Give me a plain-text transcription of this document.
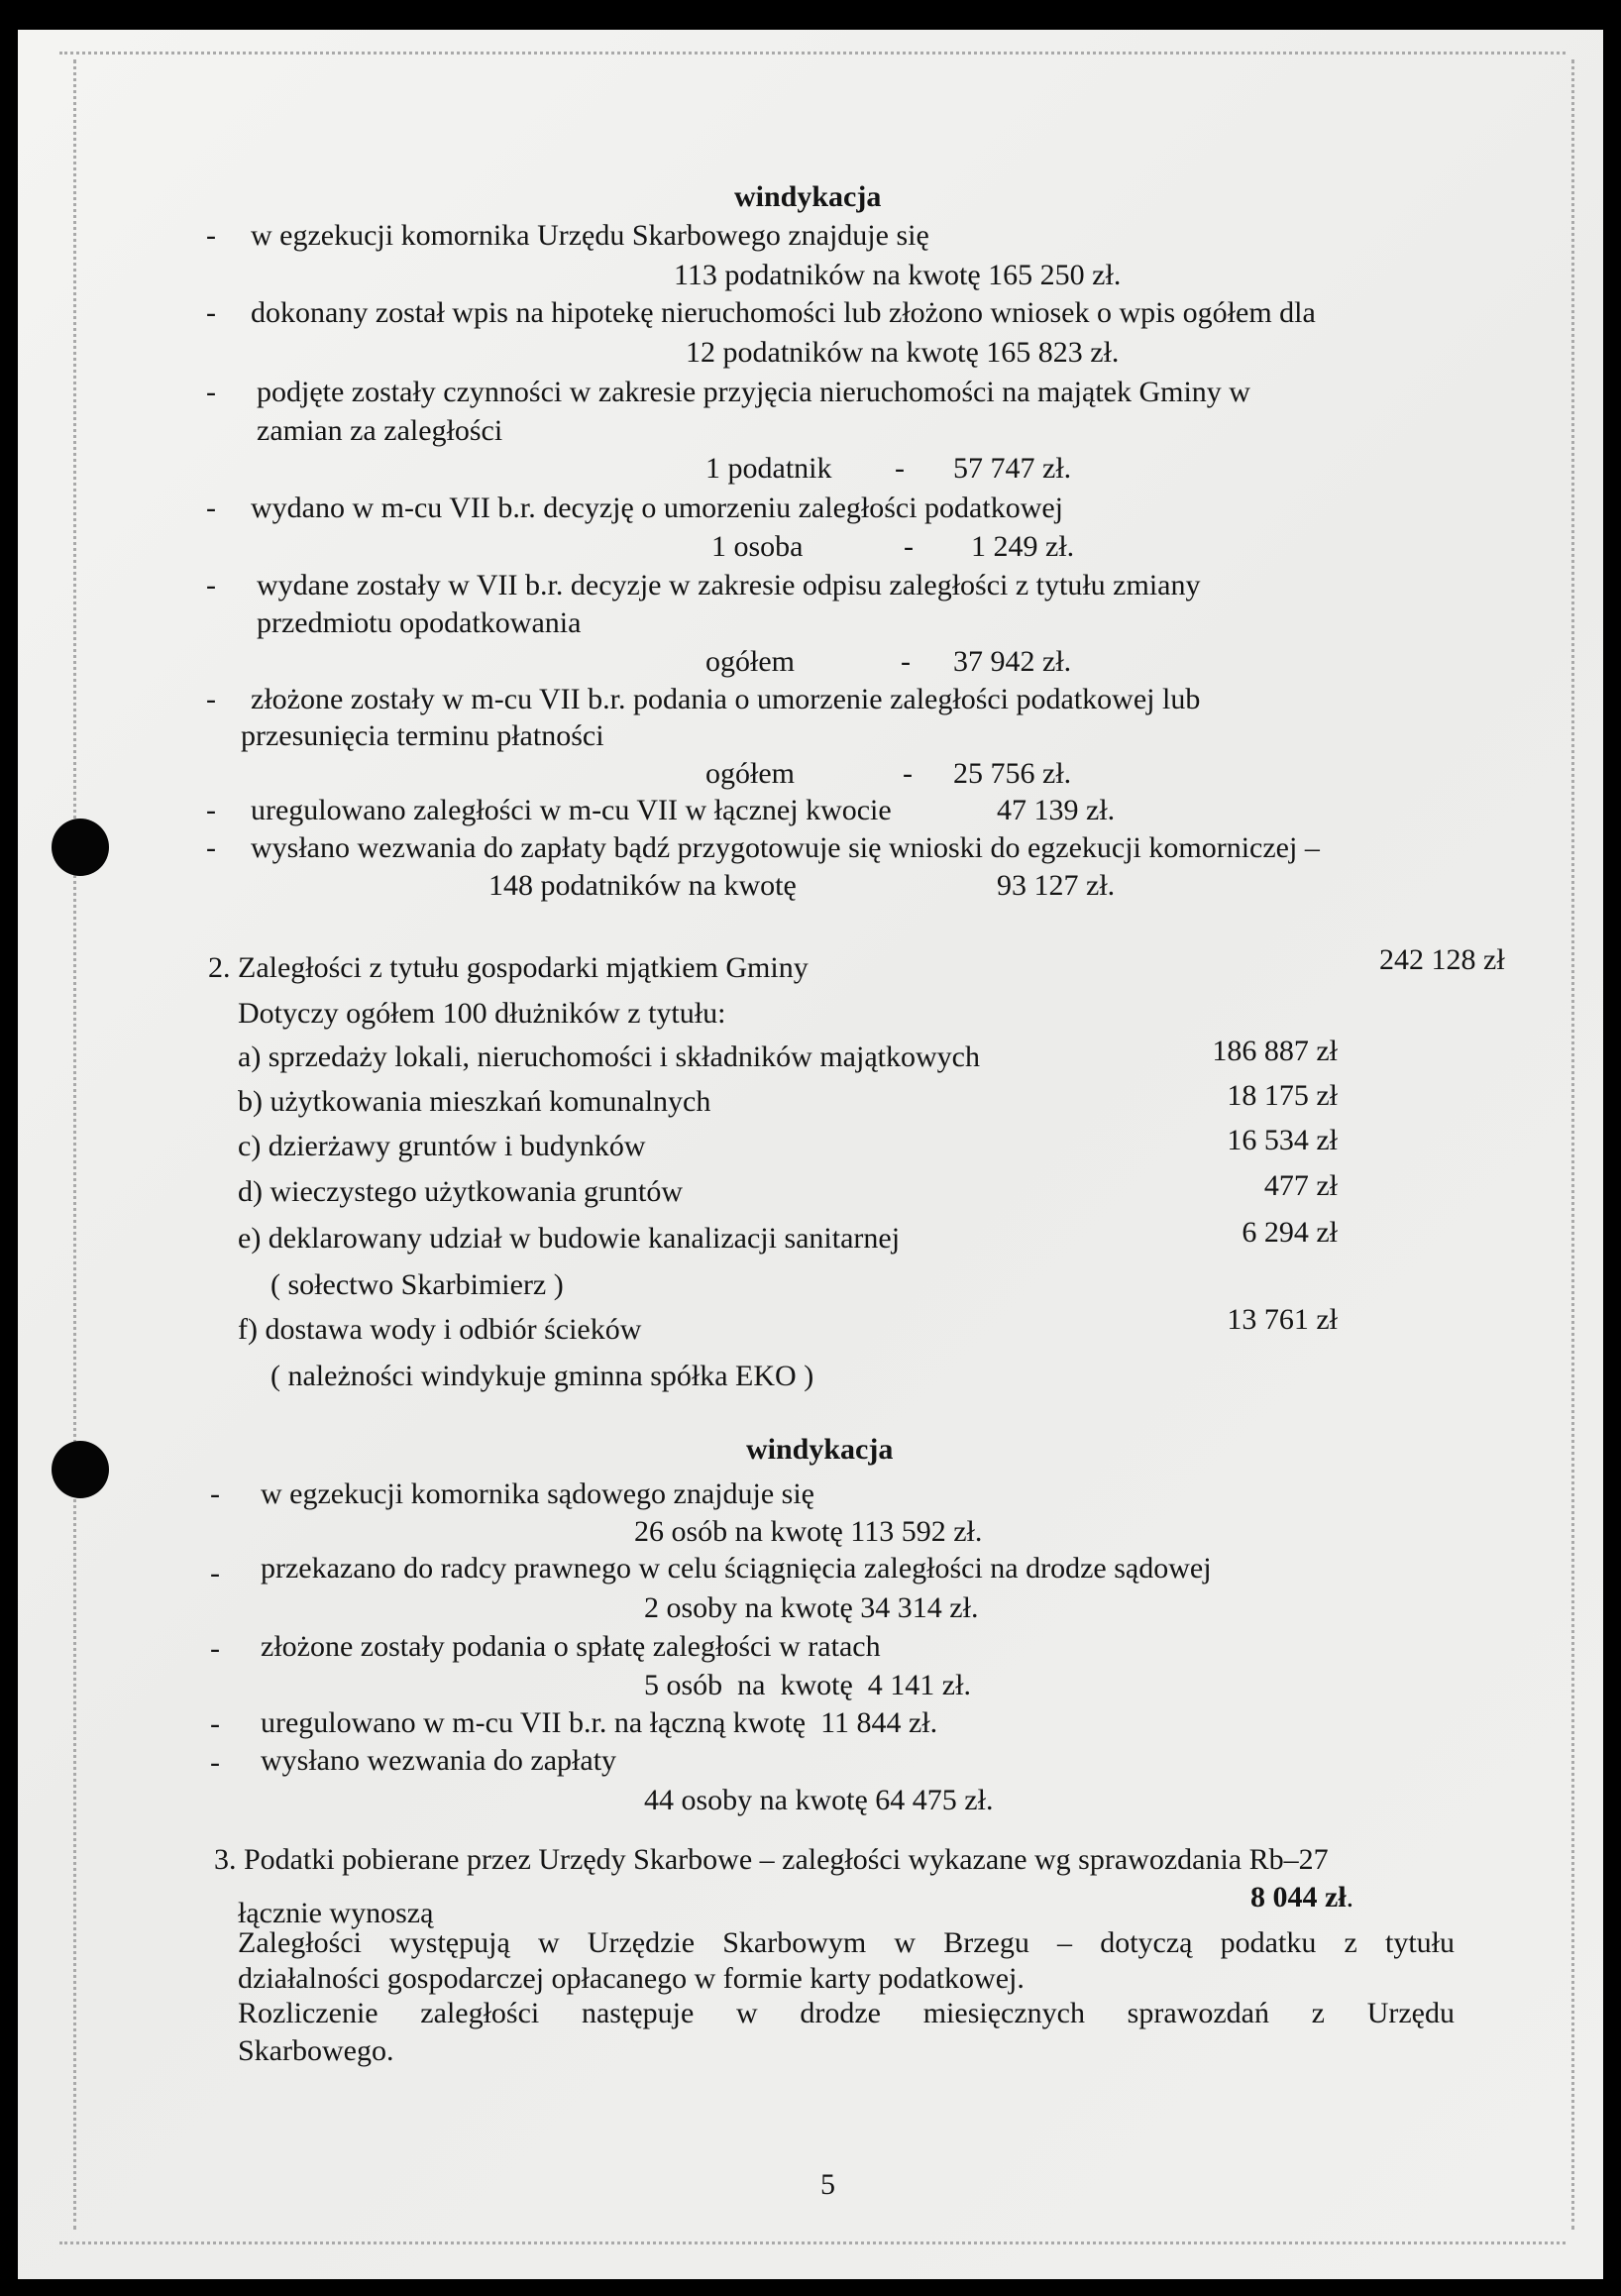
windykacja
- w egzekucji komornika Urzędu Skarbowego znajduje się
113 podatników na kwotę 165 250 zł.
- dokonany został wpis na hipotekę nieruchomości lub złożono wniosek o wpis ogółem dla
12 podatników na kwotę 165 823 zł.
- podjęte zostały czynności w zakresie przyjęcia nieruchomości na majątek Gminy w
zamian za zaległości
1 podatnik - 57 747 zł.
- wydano w m-cu VII b.r. decyzję o umorzeniu zaległości podatkowej
1 osoba	- 1 249 zł.
- wydane zostały w VII b.r. decyzje w zakresie odpisu zaległości z tytułu zmiany
przedmiotu opodatkowania
ogółem	- 37 942 zł.
- złożone zostały w m-cu VII b.r. podania o umorzenie zaległości podatkowej lub
przesunięcia terminu płatności
ogółem	- 25 756 zł.
- uregulowano zaległości w m-cu VII w łącznej kwocie	47 139 zł.
- wysłano wezwania do zapłaty bądź przygotowuje się wnioski do egzekucji komorniczej –
148 podatników na kwotę	93 127 zł.
2. Zaległości z tytułu gospodarki mjątkiem Gminy	242 128 zł
Dotyczy ogółem 100 dłużników z tytułu:
a) sprzedaży lokali, nieruchomości i składników majątkowych	186 887 zł
b) użytkowania mieszkań komunalnych	18 175 zł
c) dzierżawy gruntów i budynków	16 534 zł
d) wieczystego użytkowania gruntów	477 zł
e) deklarowany udział w budowie kanalizacji sanitarnej	6 294 zł
( sołectwo Skarbimierz )
f) dostawa wody i odbiór ścieków	13 761 zł
( należności windykuje gminna spółka EKO )
windykacja
- w egzekucji komornika sądowego znajduje się
26 osób na kwotę 113 592 zł.
- przekazano do radcy prawnego w celu ściągnięcia zaległości na drodze sądowej
2 osoby na kwotę 34 314 zł.
- złożone zostały podania o spłatę zaległości w ratach
5 osób  na  kwotę  4 141 zł.
- uregulowano w m-cu VII b.r. na łączną kwotę  11 844 zł.
- wysłano wezwania do zapłaty
44 osoby na kwotę 64 475 zł.
3. Podatki pobierane przez Urzędy Skarbowe – zaległości wykazane wg sprawozdania Rb–27
łącznie wynoszą	8 044 zł.
Zaległości występują w Urzędzie Skarbowym w Brzegu – dotyczą podatku z tytułu
działalności gospodarczej opłacanego w formie karty podatkowej.
Rozliczenie zaległości następuje w drodze miesięcznych sprawozdań z Urzędu
Skarbowego.
5
